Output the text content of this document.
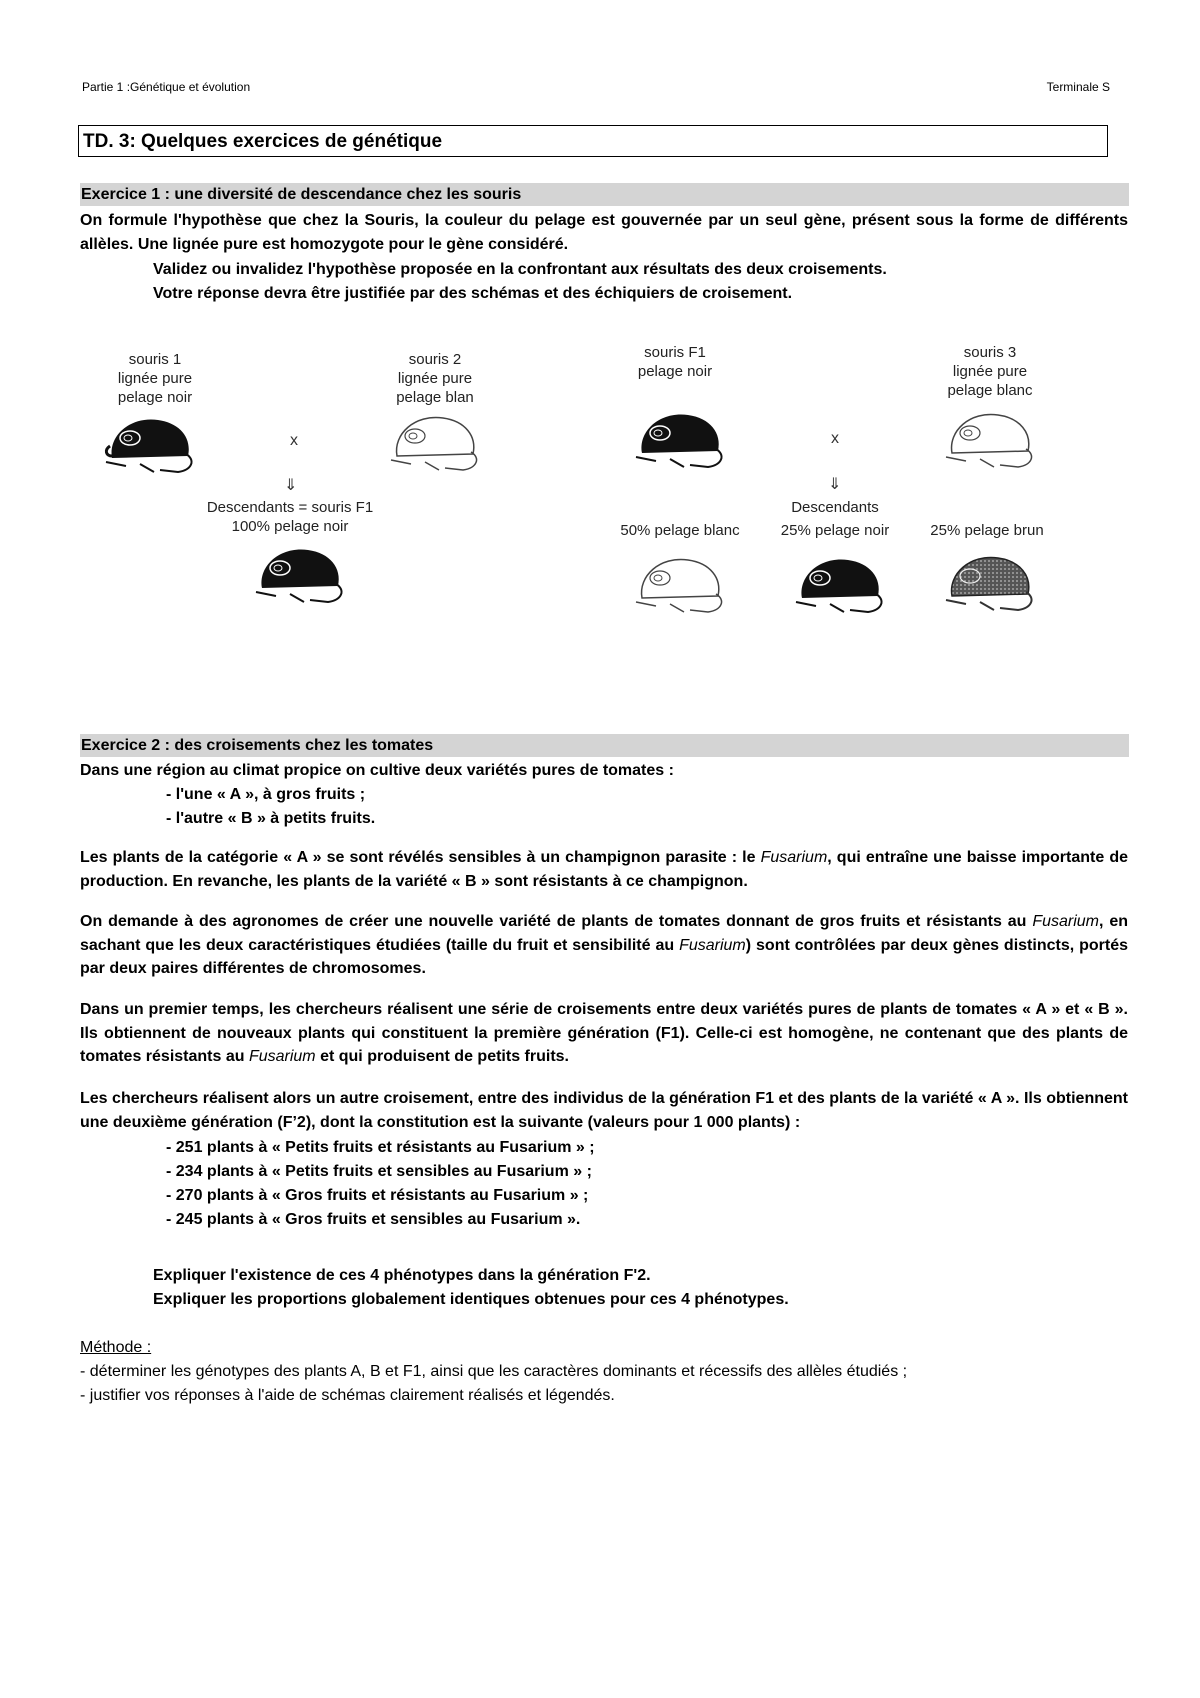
Partie 1 :Génétique et évolution	Terminale S
TD. 3: Quelques exercices de génétique
Exercice 1 : une diversité de descendance chez les souris
On formule l'hypothèse que chez la Souris, la couleur du pelage est gouvernée par un seul gène, présent sous la forme de différents allèles. Une lignée pure est homozygote pour le gène considéré.
Validez ou invalidez l'hypothèse proposée en la confrontant aux résultats des deux croisements.
Votre réponse devra être justifiée par des schémas et des échiquiers de croisement.
souris 1
lignée pure
pelage noir
souris 2
lignée pure
pelage blan
x
⇓
Descendants = souris F1
100% pelage noir
souris F1
pelage noir
souris 3
lignée pure
pelage blanc
x
⇓
Descendants
50% pelage blanc	25% pelage noir	25% pelage brun
Exercice 2 : des croisements chez les tomates
Dans une région au climat propice on cultive deux variétés pures de tomates :
- l'une « A », à gros fruits ;
- l'autre « B » à petits fruits.
Les plants de la catégorie « A » se sont révélés sensibles à un champignon parasite : le Fusarium, qui entraîne une baisse importante de production. En revanche, les plants de la variété « B » sont résistants à ce champignon.
On demande à des agronomes de créer une nouvelle variété de plants de tomates donnant de gros fruits et résistants au Fusarium, en sachant que les deux caractéristiques étudiées (taille du fruit et sensibilité au Fusarium) sont contrôlées par deux gènes distincts, portés par deux paires différentes de chromosomes.
Dans un premier temps, les chercheurs réalisent une série de croisements entre deux variétés pures de plants de tomates « A » et « B ». Ils obtiennent de nouveaux plants qui constituent la première génération (F1). Celle-ci est homogène, ne contenant que des plants de tomates résistants au Fusarium et qui produisent de petits fruits.
Les chercheurs réalisent alors un autre croisement, entre des individus de la génération F1 et des plants de la variété « A ». Ils obtiennent une deuxième génération (F’2), dont la constitution est la suivante (valeurs pour 1 000 plants) :
- 251 plants à « Petits fruits et résistants au Fusarium » ;
- 234 plants à « Petits fruits et sensibles au Fusarium » ;
- 270 plants à « Gros fruits et résistants au Fusarium » ;
- 245 plants à « Gros fruits et sensibles au Fusarium ».
Expliquer l'existence de ces 4 phénotypes dans la génération F'2.
Expliquer les proportions globalement identiques obtenues pour ces 4 phénotypes.
Méthode :
- déterminer les génotypes des plants A, B et F1, ainsi que les caractères dominants et récessifs des allèles étudiés ;
- justifier vos réponses à l'aide de schémas clairement réalisés et légendés.
